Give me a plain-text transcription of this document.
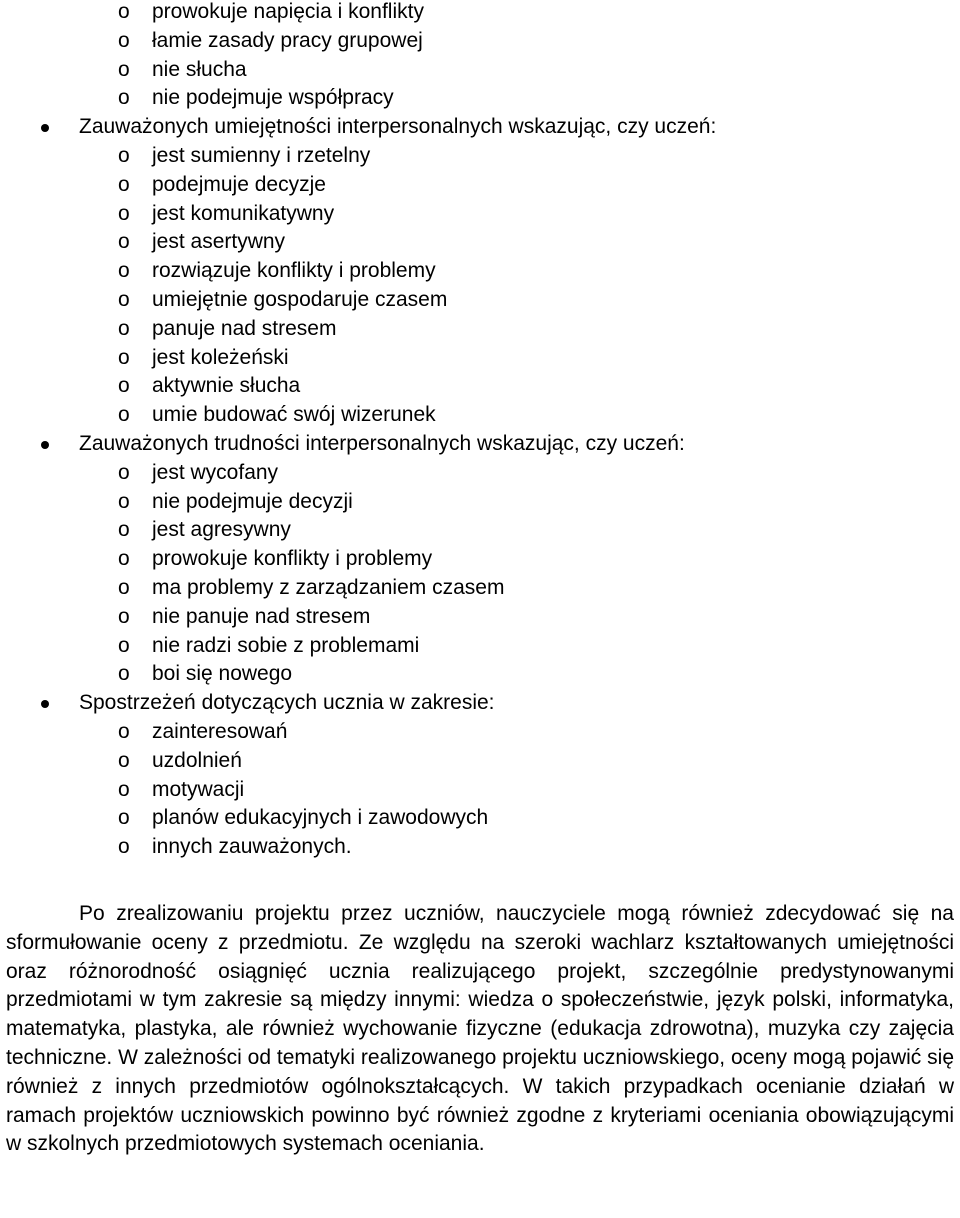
o prowokuje napięcia i konflikty
o łamie zasady pracy grupowej
o nie słucha
o nie podejmuje współpracy
Zauważonych umiejętności interpersonalnych wskazując, czy uczeń:
o jest sumienny i rzetelny
o podejmuje decyzje
o jest komunikatywny
o jest asertywny
o rozwiązuje konflikty i problemy
o umiejętnie gospodaruje czasem
o panuje nad stresem
o jest koleżeński
o aktywnie słucha
o umie budować swój wizerunek
Zauważonych trudności interpersonalnych wskazując, czy uczeń:
o jest wycofany
o nie podejmuje decyzji
o jest agresywny
o prowokuje konflikty i problemy
o ma problemy z zarządzaniem czasem
o nie panuje nad stresem
o nie radzi sobie z problemami
o boi się nowego
Spostrzeżeń dotyczących ucznia w zakresie:
o zainteresowań
o uzdolnień
o motywacji
o planów edukacyjnych i zawodowych
o innych zauważonych.

Po zrealizowaniu projektu przez uczniów, nauczyciele mogą również zdecydować się na sformułowanie oceny z przedmiotu. Ze względu na szeroki wachlarz kształtowanych umiejętności oraz różnorodność osiągnięć ucznia realizującego projekt, szczególnie predystynowanymi przedmiotami w tym zakresie są między innymi: wiedza o społeczeństwie, język polski, informatyka, matematyka, plastyka, ale również wychowanie fizyczne (edukacja zdrowotna), muzyka czy zajęcia techniczne. W zależności od tematyki realizowanego projektu uczniowskiego, oceny mogą pojawić się również z innych przedmiotów ogólnokształcących. W takich przypadkach ocenianie działań w ramach projektów uczniowskich powinno być również zgodne z kryteriami oceniania obowiązującymi w szkolnych przedmiotowych systemach oceniania.
